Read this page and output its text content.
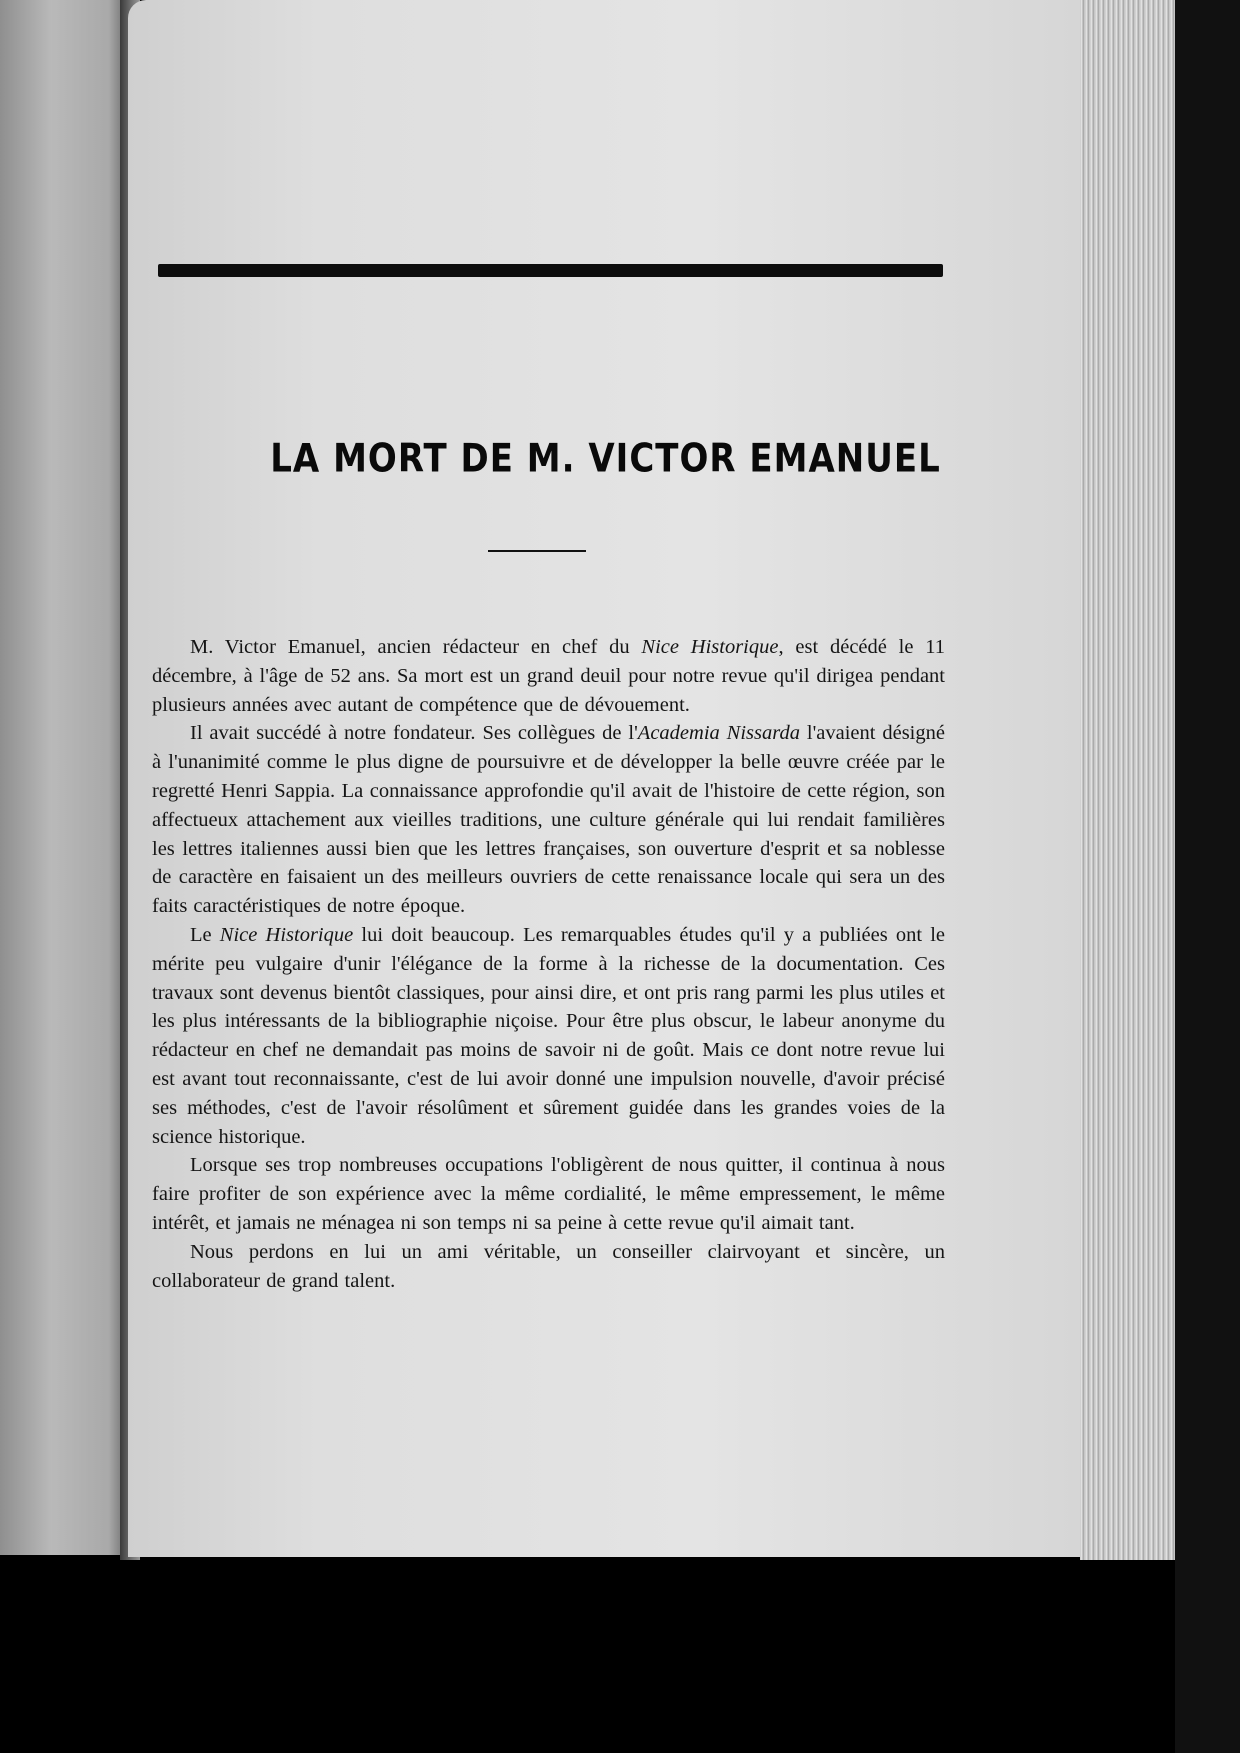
LA MORT DE M. VICTOR EMANUEL

M. Victor Emanuel, ancien rédacteur en chef du Nice Historique, est décédé le 11 décembre, à l'âge de 52 ans. Sa mort est un grand deuil pour notre revue qu'il dirigea pendant plusieurs années avec autant de compétence que de dévouement.

Il avait succédé à notre fondateur. Ses collègues de l'Academia Nissarda l'avaient désigné à l'unanimité comme le plus digne de poursuivre et de développer la belle œuvre créée par le regretté Henri Sappia. La connaissance approfondie qu'il avait de l'histoire de cette région, son affectueux attachement aux vieilles traditions, une culture générale qui lui rendait familières les lettres italiennes aussi bien que les lettres françaises, son ouverture d'esprit et sa noblesse de caractère en faisaient un des meilleurs ouvriers de cette renaissance locale qui sera un des faits caractéristiques de notre époque.

Le Nice Historique lui doit beaucoup. Les remarquables études qu'il y a publiées ont le mérite peu vulgaire d'unir l'élégance de la forme à la richesse de la documentation. Ces travaux sont devenus bientôt classiques, pour ainsi dire, et ont pris rang parmi les plus utiles et les plus intéressants de la bibliographie niçoise. Pour être plus obscur, le labeur anonyme du rédacteur en chef ne demandait pas moins de savoir ni de goût. Mais ce dont notre revue lui est avant tout reconnaissante, c'est de lui avoir donné une impulsion nouvelle, d'avoir précisé ses méthodes, c'est de l'avoir résolûment et sûrement guidée dans les grandes voies de la science historique.

Lorsque ses trop nombreuses occupations l'obligèrent de nous quitter, il continua à nous faire profiter de son expérience avec la même cordialité, le même empressement, le même intérêt, et jamais ne ménagea ni son temps ni sa peine à cette revue qu'il aimait tant.

Nous perdons en lui un ami véritable, un conseiller clairvoyant et sincère, un collaborateur de grand talent.
